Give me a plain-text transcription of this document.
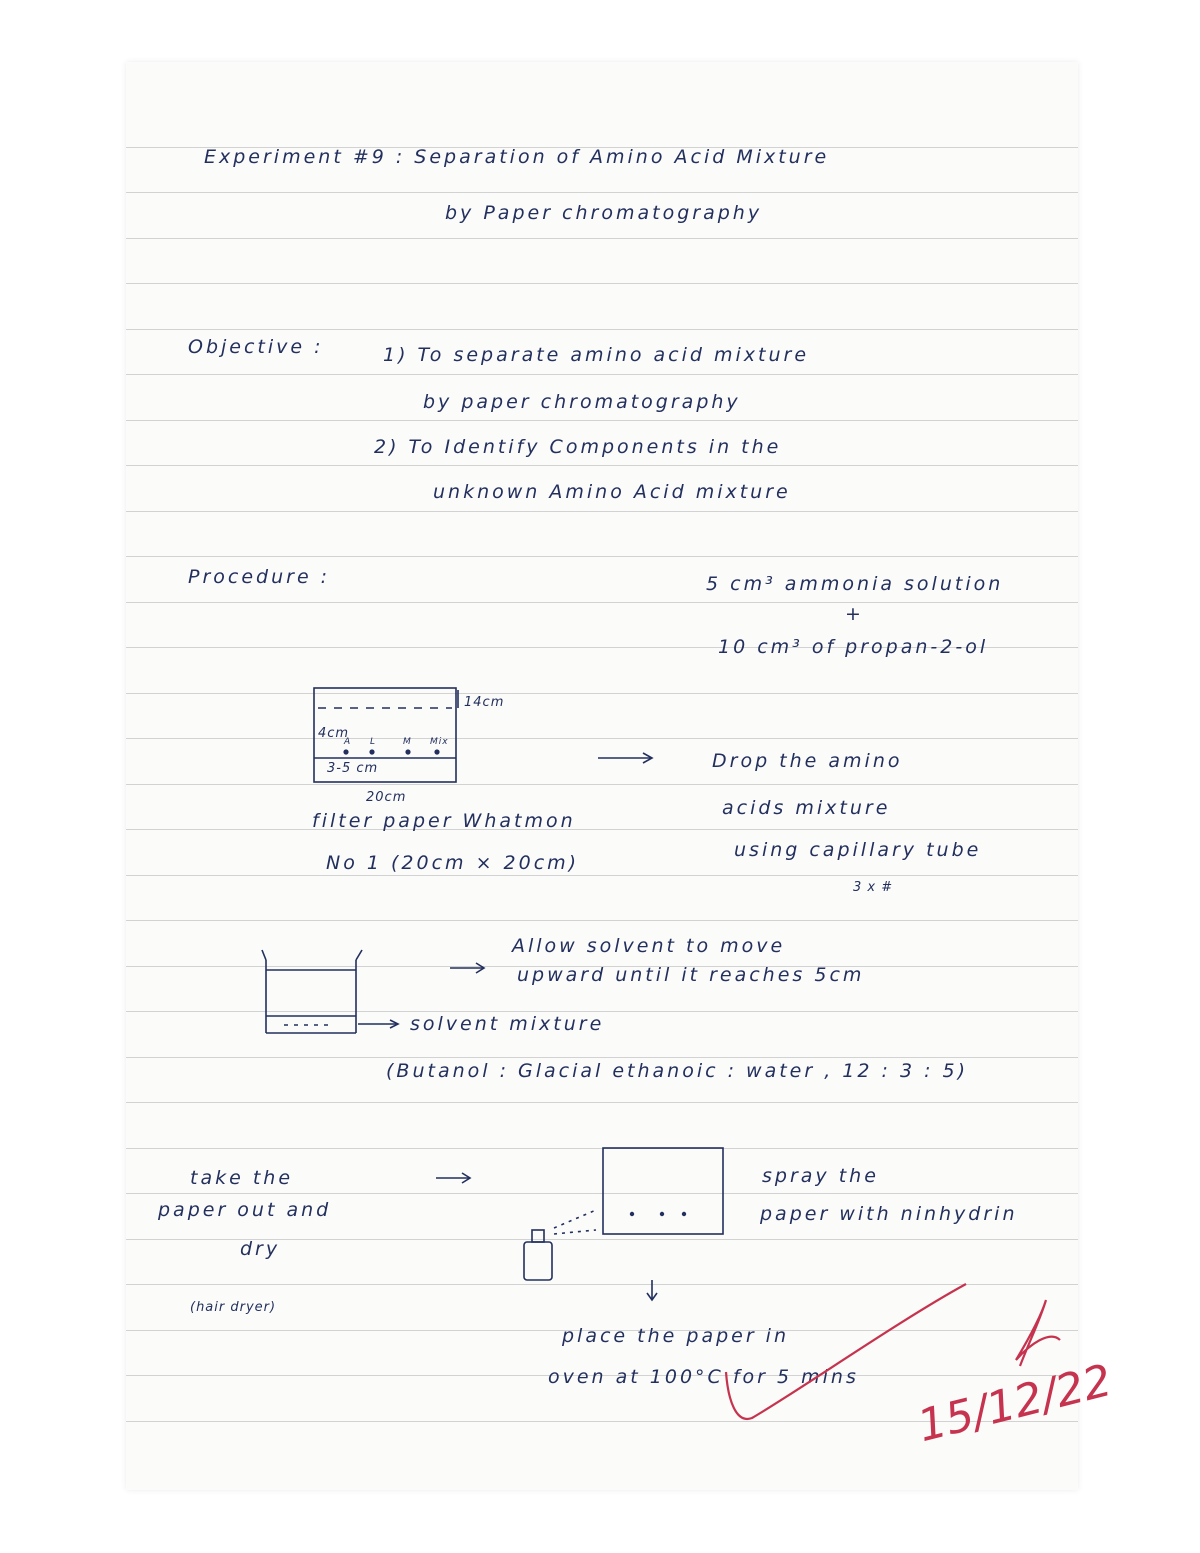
Experiment #9 : Separation of Amino Acid Mixture
by Paper chromatography
Objective :	1) To separate amino acid mixture
by paper chromatography
2) To Identify Components in the
unknown Amino Acid mixture
Procedure :	5 cm³ ammonia solution
+
10 cm³ of propan-2-ol
14cm
4cm
3-5 cm
20cm
A L	M Mix
filter paper Whatmon
No 1 (20cm × 20cm)
Drop the amino
acids mixture
using capillary tube
3 x #
Allow solvent to move
upward until it reaches 5cm
solvent mixture
(Butanol : Glacial ethanoic : water , 12 : 3 : 5)
take the
paper out and
dry
(hair dryer)
spray the
paper with ninhydrin
place the paper in
oven at 100°C for 5 mins 15/12/22
